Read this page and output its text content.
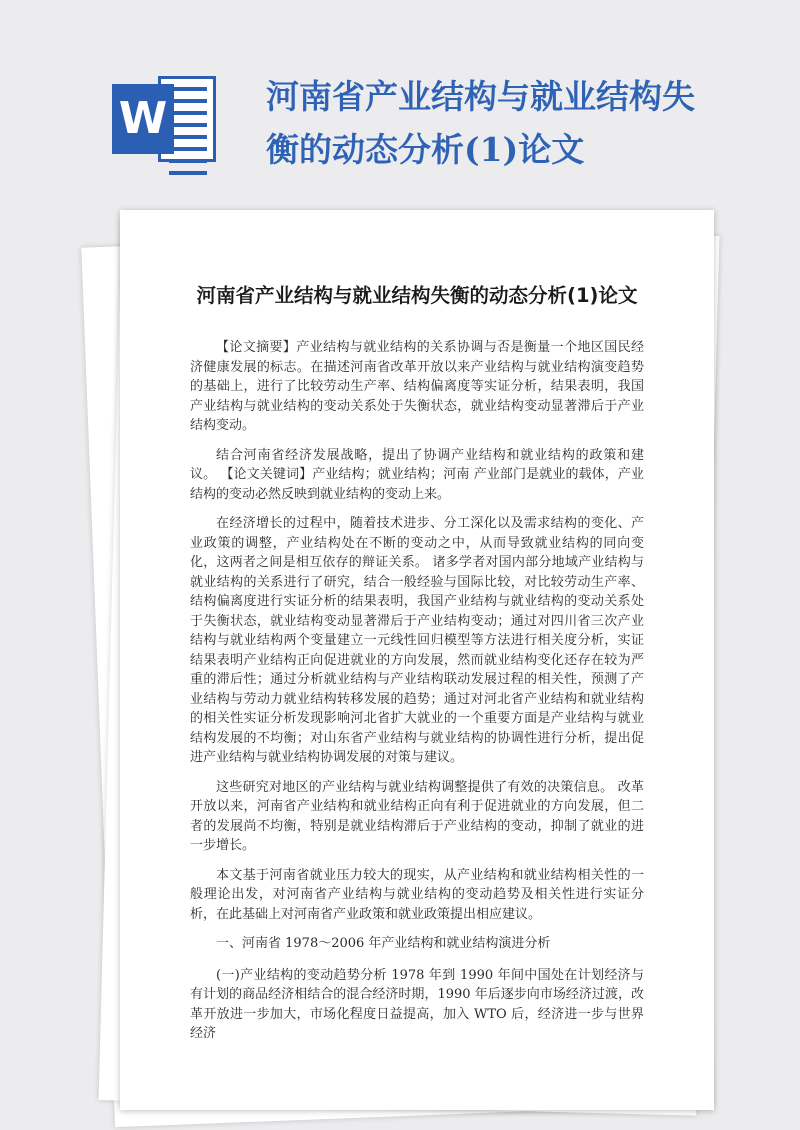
W	河南省产业结构与就业结构失衡的动态分析(1)论文
河南省产业结构与就业结构失衡的动态分析(1)论文

【论文摘要】产业结构与就业结构的关系协调与否是衡量一个地区国民经济健康发展的标志。在描述河南省改革开放以来产业结构与就业结构演变趋势的基础上，进行了比较劳动生产率、结构偏离度等实证分析，结果表明，我国产业结构与就业结构的变动关系处于失衡状态，就业结构变动显著滞后于产业结构变动。

结合河南省经济发展战略，提出了协调产业结构和就业结构的政策和建议。 【论文关键词】产业结构；就业结构；河南 产业部门是就业的载体，产业结构的变动必然反映到就业结构的变动上来。

在经济增长的过程中，随着技术进步、分工深化以及需求结构的变化、产业政策的调整，产业结构处在不断的变动之中，从而导致就业结构的同向变化，这两者之间是相互依存的辩证关系。 诸多学者对国内部分地域产业结构与就业结构的关系进行了研究，结合一般经验与国际比较，对比较劳动生产率、结构偏离度进行实证分析的结果表明，我国产业结构与就业结构的变动关系处于失衡状态，就业结构变动显著滞后于产业结构变动；通过对四川省三次产业结构与就业结构两个变量建立一元线性回归模型等方法进行相关度分析，实证结果表明产业结构正向促进就业的方向发展，然而就业结构变化还存在较为严重的滞后性；通过分析就业结构与产业结构联动发展过程的相关性，预测了产业结构与劳动力就业结构转移发展的趋势；通过对河北省产业结构和就业结构的相关性实证分析发现影响河北省扩大就业的一个重要方面是产业结构与就业结构发展的不均衡；对山东省产业结构与就业结构的协调性进行分析，提出促进产业结构与就业结构协调发展的对策与建议。

这些研究对地区的产业结构与就业结构调整提供了有效的决策信息。 改革开放以来，河南省产业结构和就业结构正向有利于促进就业的方向发展，但二者的发展尚不均衡，特别是就业结构滞后于产业结构的变动，抑制了就业的进一步增长。

本文基于河南省就业压力较大的现实，从产业结构和就业结构相关性的一般理论出发，对河南省产业结构与就业结构的变动趋势及相关性进行实证分析，在此基础上对河南省产业政策和就业政策提出相应建议。

一、河南省 1978～2006 年产业结构和就业结构演进分析

(一)产业结构的变动趋势分析 1978 年到 1990 年间中国处在计划经济与有计划的商品经济相结合的混合经济时期，1990 年后逐步向市场经济过渡，改革开放进一步加大，市场化程度日益提高，加入 WTO 后，经济进一步与世界经济
